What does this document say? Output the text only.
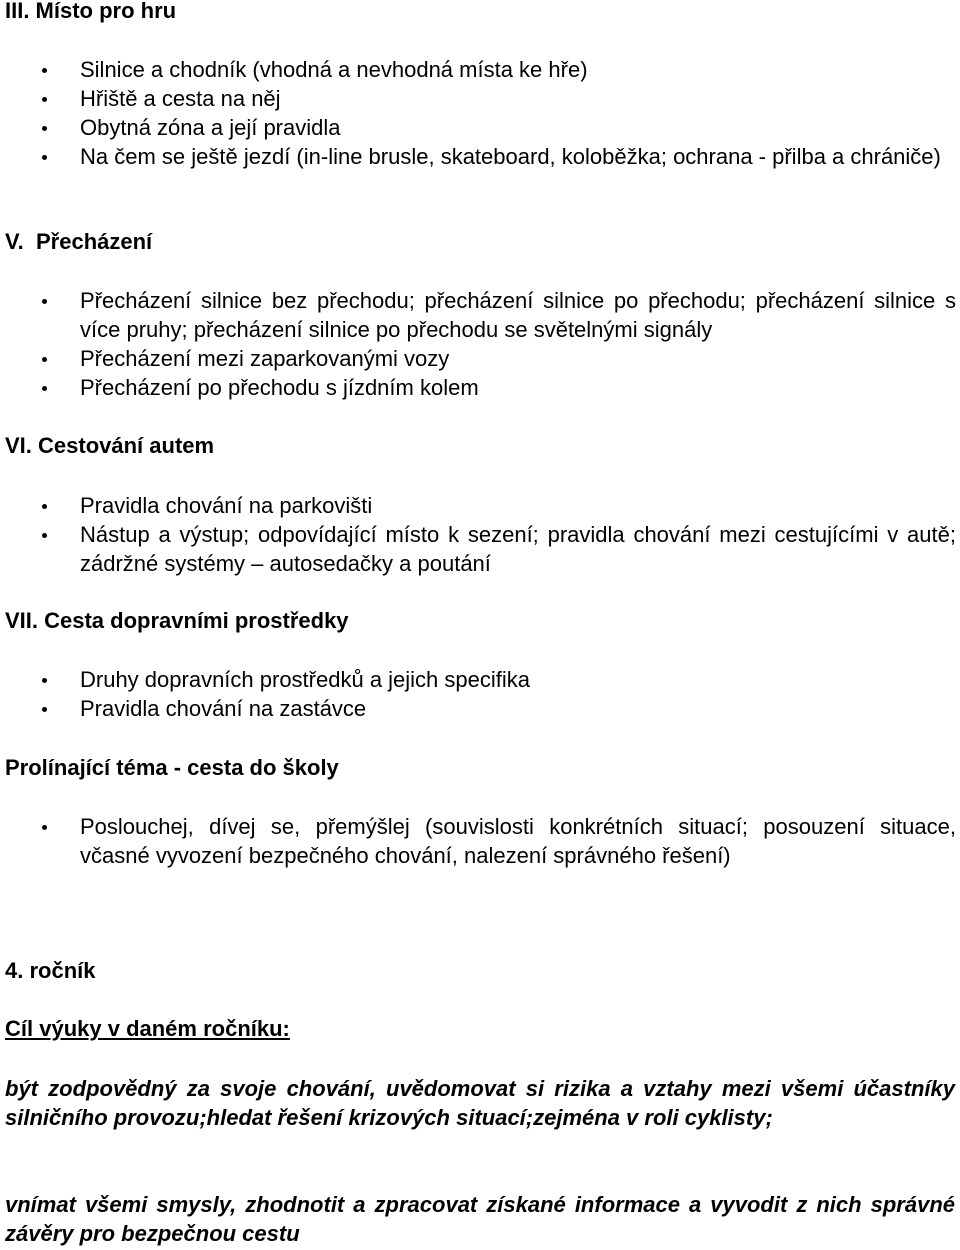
III. Místo pro hru
Silnice a chodník (vhodná a nevhodná místa ke hře)
Hřiště a cesta na něj
Obytná zóna a její pravidla
Na čem se ještě jezdí (in-line brusle, skateboard, koloběžka; ochrana - přilba a chrániče)
V.  Přecházení
Přecházení silnice bez přechodu; přecházení silnice po přechodu; přecházení silnice s více pruhy; přecházení silnice po přechodu se světelnými signály
Přecházení mezi zaparkovanými vozy
Přecházení po přechodu s jízdním kolem
VI. Cestování autem
Pravidla chování na parkovišti
Nástup a výstup; odpovídající místo k sezení; pravidla chování mezi cestujícími v autě; zádržné systémy – autosedačky a poutání
VII. Cesta dopravními prostředky
Druhy dopravních prostředků a jejich specifika
Pravidla chování na zastávce
Prolínající téma - cesta do školy
Poslouchej, dívej se, přemýšlej (souvislosti konkrétních situací; posouzení situace, včasné vyvození bezpečného chování, nalezení správného řešení)
4. ročník
Cíl výuky v daném ročníku:
být zodpovědný za svoje chování, uvědomovat si rizika a vztahy mezi všemi účastníky silničního provozu;hledat řešení krizových situací;zejména v roli cyklisty;
vnímat všemi smysly, zhodnotit a zpracovat získané informace a vyvodit z nich správné závěry pro bezpečnou cestu
